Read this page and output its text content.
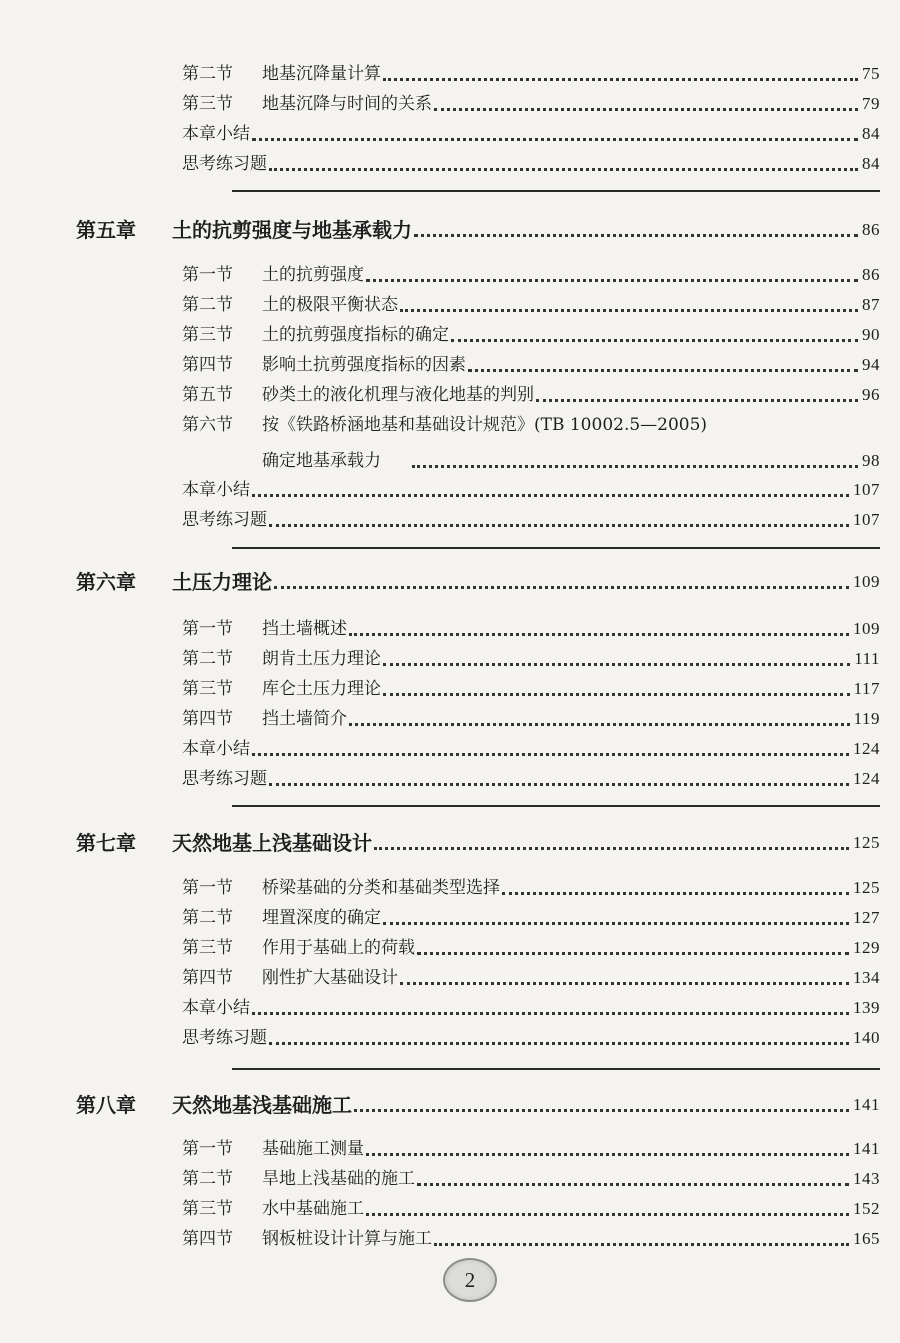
第二节	地基沉降量计算	75
第三节	地基沉降与时间的关系	79
本章小结	84
思考练习题	84
第五章	土的抗剪强度与地基承载力	86
第一节	土的抗剪强度	86
第二节	土的极限平衡状态	87
第三节	土的抗剪强度指标的确定	90
第四节	影响土抗剪强度指标的因素	94
第五节	砂类土的液化机理与液化地基的判别	96
第六节	按《铁路桥涵地基和基础设计规范》(TB 10002.5—2005)
确定地基承载力	98
本章小结	107
思考练习题	107
第六章	土压力理论	109
第一节	挡土墙概述	109
第二节	朗肯土压力理论	111
第三节	库仑土压力理论	117
第四节	挡土墙简介	119
本章小结	124
思考练习题	124
第七章	天然地基上浅基础设计	125
第一节	桥梁基础的分类和基础类型选择	125
第二节	埋置深度的确定	127
第三节	作用于基础上的荷载	129
第四节	刚性扩大基础设计	134
本章小结	139
思考练习题	140
第八章	天然地基浅基础施工	141
第一节	基础施工测量	141
第二节	旱地上浅基础的施工	143
第三节	水中基础施工	152
第四节	钢板桩设计计算与施工	165
2
